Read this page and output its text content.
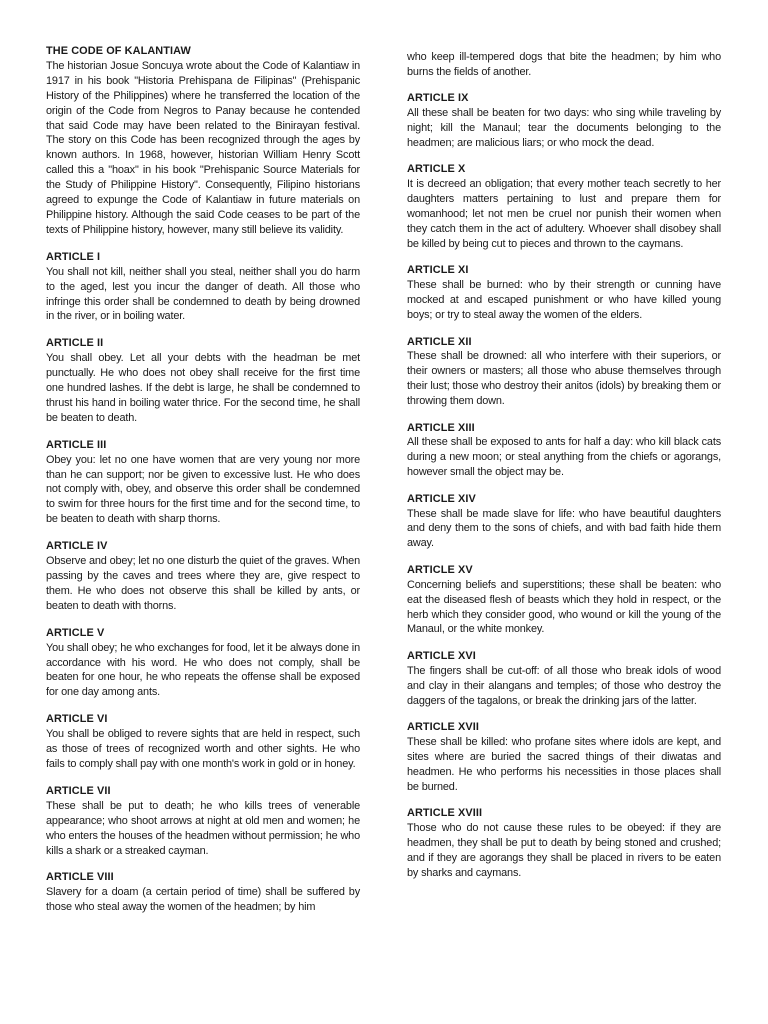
THE CODE OF KALANTIAW

The historian Josue Soncuya wrote about the Code of Kalantiaw in 1917 in his book "Historia Prehispana de Filipinas" (Prehispanic History of the Philippines) where he transferred the location of the origin of the Code from Negros to Panay because he contended that said Code may have been related to the Binirayan festival. The story on this Code has been recognized through the ages by known authors. In 1968, however, historian William Henry Scott called this a "hoax" in his book "Prehispanic Source Materials for the Study of Philippine History". Consequently, Filipino historians agreed to expunge the Code of Kalantiaw in future materials on Philippine history. Although the said Code ceases to be part of the texts of Philippine history, however, many still believe its validity.

ARTICLE I

You shall not kill, neither shall you steal, neither shall you do harm to the aged, lest you incur the danger of death. All those who infringe this order shall be condemned to death by being drowned in the river, or in boiling water.

ARTICLE II

You shall obey. Let all your debts with the headman be met punctually. He who does not obey shall receive for the first time one hundred lashes. If the debt is large, he shall be condemned to thrust his hand in boiling water thrice. For the second time, he shall be beaten to death.

ARTICLE III

Obey you: let no one have women that are very young nor more than he can support; nor be given to excessive lust. He who does not comply with, obey, and observe this order shall be condemned to swim for three hours for the first time and for the second time, to be beaten to death with sharp thorns.

ARTICLE IV

Observe and obey; let no one disturb the quiet of the graves. When passing by the caves and trees where they are, give respect to them. He who does not observe this shall be killed by ants, or beaten to death with thorns.

ARTICLE V

You shall obey; he who exchanges for food, let it be always done in accordance with his word. He who does not comply, shall be beaten for one hour, he who repeats the offense shall be exposed for one day among ants.

ARTICLE VI

You shall be obliged to revere sights that are held in respect, such as those of trees of recognized worth and other sights. He who fails to comply shall pay with one month's work in gold or in honey.

ARTICLE VII

These shall be put to death; he who kills trees of venerable appearance; who shoot arrows at night at old men and women; he who enters the houses of the headmen without permission; he who kills a shark or a streaked cayman.

ARTICLE VIII

Slavery for a doam (a certain period of time) shall be suffered by those who steal away the women of the headmen; by him

who keep ill-tempered dogs that bite the headmen; by him who burns the fields of another.

ARTICLE IX

All these shall be beaten for two days: who sing while traveling by night; kill the Manaul; tear the documents belonging to the headmen; are malicious liars; or who mock the dead.

ARTICLE X

It is decreed an obligation; that every mother teach secretly to her daughters matters pertaining to lust and prepare them for womanhood; let not men be cruel nor punish their women when they catch them in the act of adultery. Whoever shall disobey shall be killed by being cut to pieces and thrown to the caymans.

ARTICLE XI

These shall be burned: who by their strength or cunning have mocked at and escaped punishment or who have killed young boys; or try to steal away the women of the elders.

ARTICLE XII

These shall be drowned: all who interfere with their superiors, or their owners or masters; all those who abuse themselves through their lust; those who destroy their anitos (idols) by breaking them or throwing them down.

ARTICLE XIII

All these shall be exposed to ants for half a day: who kill black cats during a new moon; or steal anything from the chiefs or agorangs, however small the object may be.

ARTICLE XIV

These shall be made slave for life: who have beautiful daughters and deny them to the sons of chiefs, and with bad faith hide them away.

ARTICLE XV

Concerning beliefs and superstitions; these shall be beaten: who eat the diseased flesh of beasts which they hold in respect, or the herb which they consider good, who wound or kill the young of the Manaul, or the white monkey.

ARTICLE XVI

The fingers shall be cut-off: of all those who break idols of wood and clay in their alangans and temples; of those who destroy the daggers of the tagalons, or break the drinking jars of the latter.

ARTICLE XVII

These shall be killed: who profane sites where idols are kept, and sites where are buried the sacred things of their diwatas and headmen. He who performs his necessities in those places shall be burned.

ARTICLE XVIII

Those who do not cause these rules to be obeyed: if they are headmen, they shall be put to death by being stoned and crushed; and if they are agorangs they shall be placed in rivers to be eaten by sharks and caymans.
